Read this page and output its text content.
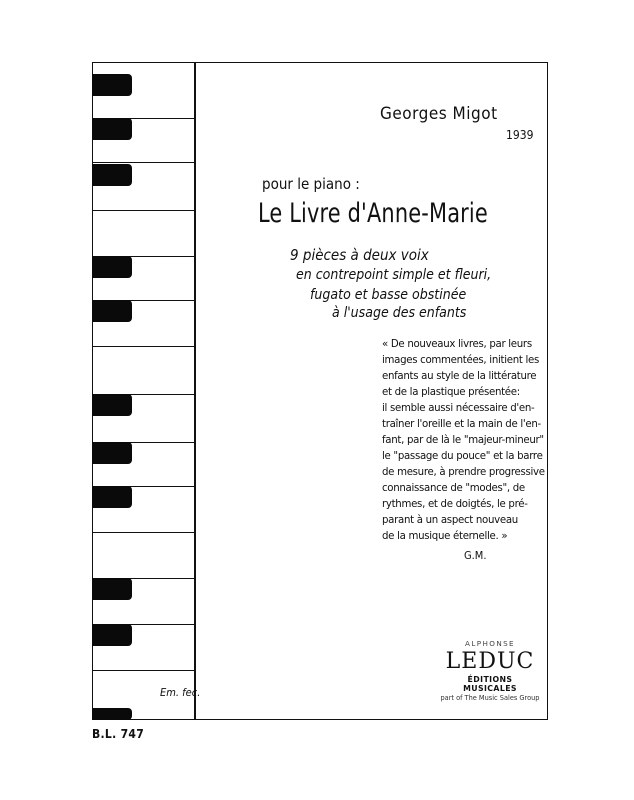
Georges Migot
1939
pour le piano :
Le Livre d'Anne-Marie
9 pièces à deux voix
en contrepoint simple et fleuri,
fugato et basse obstinée
à l'usage des enfants
« De nouveaux livres, par leurs
images commentées, initient les
enfants au style de la littérature
et de la plastique présentée:
il semble aussi nécessaire d'en-
traîner l'oreille et la main de l'en-
fant, par de là le "majeur-mineur"
le "passage du pouce" et la barre
de mesure, à prendre progressive
connaissance de "modes", de
rythmes, et de doigtés, le pré-
parant à un aspect nouveau
de la musique éternelle. »
G.M.
Em. fec.
ALPHONSE
LEDUC
ÉDITIONS MUSICALES
part of The Music Sales Group
B.L. 747
